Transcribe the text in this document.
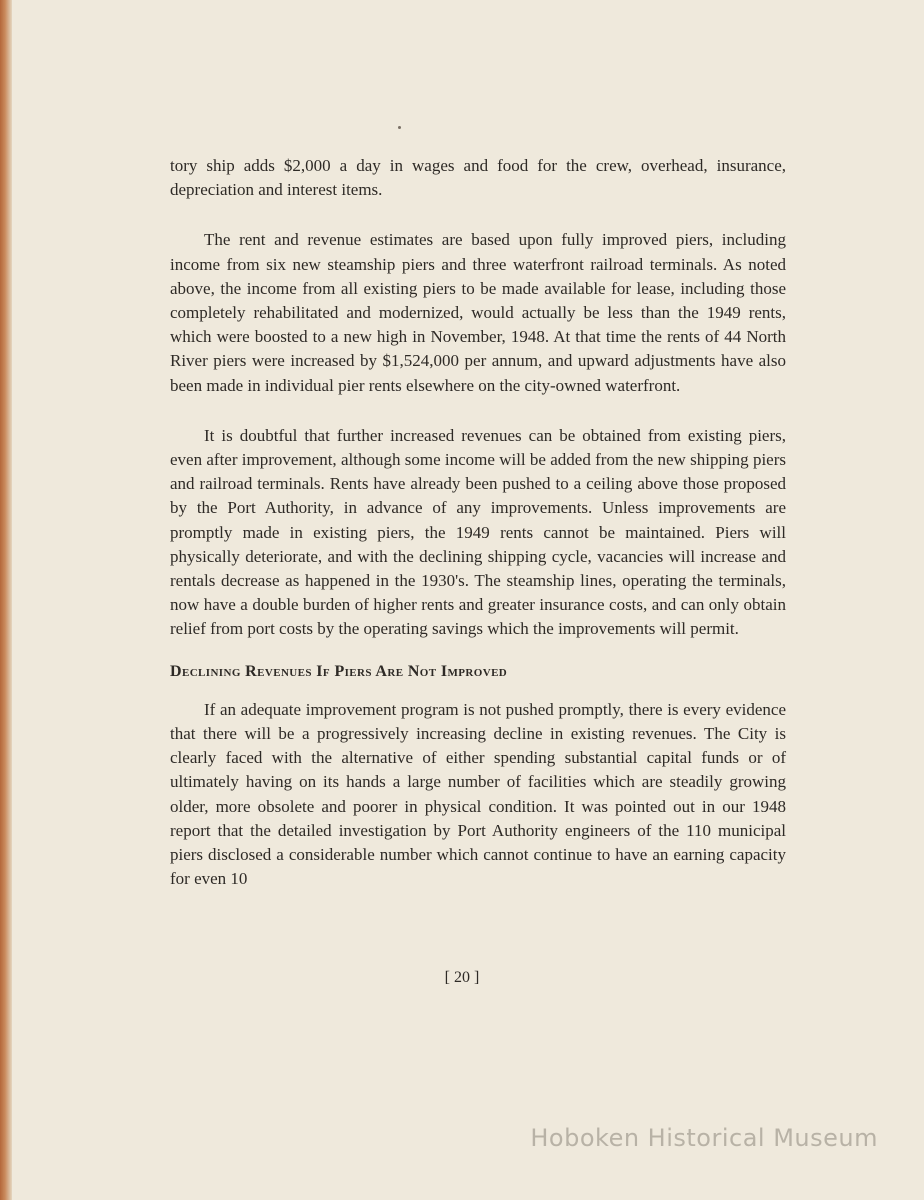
tory ship adds $2,000 a day in wages and food for the crew, overhead, insurance, depreciation and interest items.

The rent and revenue estimates are based upon fully improved piers, including income from six new steamship piers and three waterfront railroad terminals. As noted above, the income from all existing piers to be made available for lease, including those completely rehabilitated and modernized, would actually be less than the 1949 rents, which were boosted to a new high in November, 1948. At that time the rents of 44 North River piers were increased by $1,524,000 per annum, and upward adjustments have also been made in individual pier rents elsewhere on the city-owned waterfront.

It is doubtful that further increased revenues can be obtained from existing piers, even after improvement, although some income will be added from the new shipping piers and railroad terminals. Rents have already been pushed to a ceiling above those proposed by the Port Authority, in advance of any improvements. Unless improvements are promptly made in existing piers, the 1949 rents cannot be maintained. Piers will physically deteriorate, and with the declining shipping cycle, vacancies will increase and rentals decrease as happened in the 1930's. The steamship lines, operating the terminals, now have a double burden of higher rents and greater insurance costs, and can only obtain relief from port costs by the operating savings which the improvements will permit.

Declining Revenues If Piers Are Not Improved

If an adequate improvement program is not pushed promptly, there is every evidence that there will be a progressively increasing decline in existing revenues. The City is clearly faced with the alternative of either spending substantial capital funds or of ultimately having on its hands a large number of facilities which are steadily growing older, more obsolete and poorer in physical condition. It was pointed out in our 1948 report that the detailed investigation by Port Authority engineers of the 110 municipal piers disclosed a considerable number which cannot continue to have an earning capacity for even 10

[ 20 ]
Hoboken Historical Museum
